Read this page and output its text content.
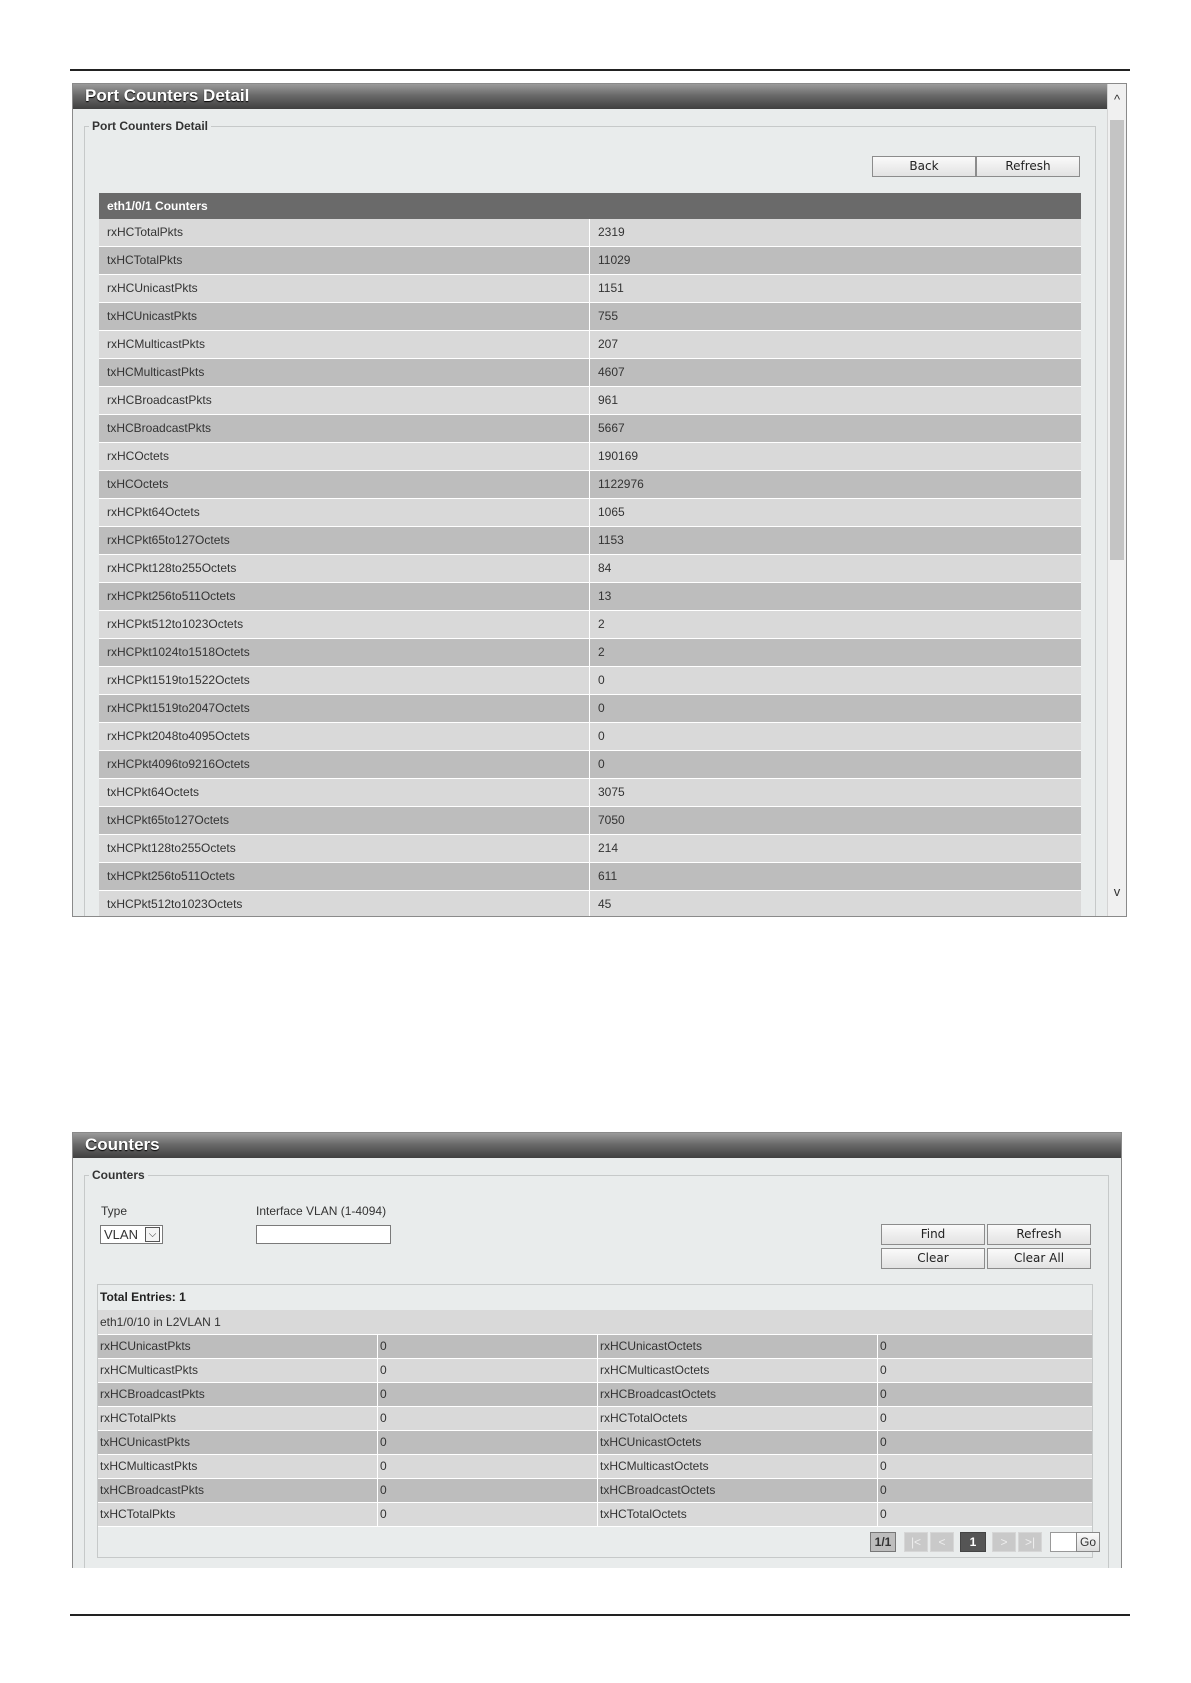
Port Counters Detail	^
v
Port Counters Detail
Back	Refresh
eth1/0/1 Counters
rxHCTotalPkts	2319
txHCTotalPkts	11029
rxHCUnicastPkts	1151
txHCUnicastPkts	755
rxHCMulticastPkts	207
txHCMulticastPkts	4607
rxHCBroadcastPkts	961
txHCBroadcastPkts	5667
rxHCOctets	190169
txHCOctets	1122976
rxHCPkt64Octets	1065
rxHCPkt65to127Octets	1153
rxHCPkt128to255Octets	84
rxHCPkt256to511Octets	13
rxHCPkt512to1023Octets	2
rxHCPkt1024to1518Octets	2
rxHCPkt1519to1522Octets	0
rxHCPkt1519to2047Octets	0
rxHCPkt2048to4095Octets	0
rxHCPkt4096to9216Octets	0
txHCPkt64Octets	3075
txHCPkt65to127Octets	7050
txHCPkt128to255Octets	214
txHCPkt256to511Octets	611
txHCPkt512to1023Octets	45
Counters
Counters
Type	Interface VLAN (1-4094)
VLAN	⌵	Find	Refresh
Clear	Clear All
Total Entries: 1
eth1/0/10 in L2VLAN 1
rxHCUnicastPkts	0	rxHCUnicastOctets	0
rxHCMulticastPkts	0	rxHCMulticastOctets	0
rxHCBroadcastPkts	0	rxHCBroadcastOctets	0
rxHCTotalPkts	0	rxHCTotalOctets	0
txHCUnicastPkts	0	txHCUnicastOctets	0
txHCMulticastPkts	0	txHCMulticastOctets	0
txHCBroadcastPkts	0	txHCBroadcastOctets	0
txHCTotalPkts	0	txHCTotalOctets	0
1/1	|<	<	1	>	>|	Go
